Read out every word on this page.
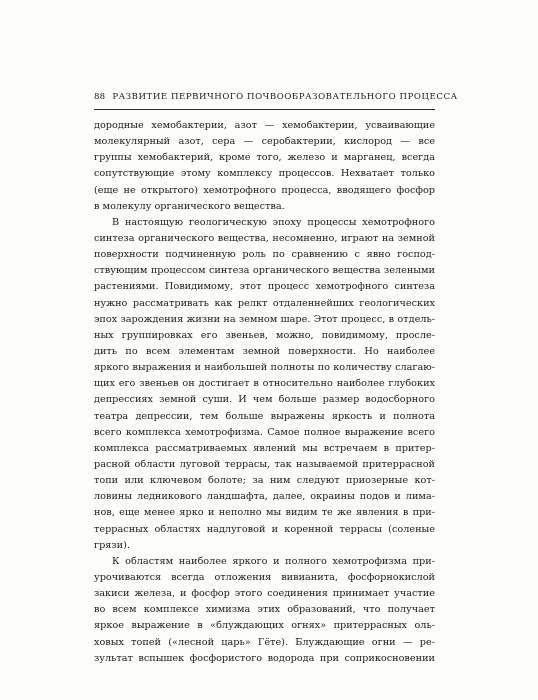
88 РАЗВИТИЕ ПЕРВИЧНОГО ПОЧВООБРАЗОВАТЕЛЬНОГО ПРОЦЕССА
дородные хемобактерии, азот — хемобактерии, усваивающие
молекулярный азот, сера — серобактерии, кислород — все
группы хемобактерий, кроме того, железо и марганец, всегда
сопутствующие этому комплексу процессов. Нехватает только
(еще не открытого) хемотрофного процесса, вводящего фосфор
в молекулу органического вещества.
В настоящую геологическую эпоху процессы хемотрофного
синтеза органического вещества, несомненно, играют на земной
поверхности подчиненную роль по сравнению с явно господ-
ствующим процессом синтеза органического вещества зелеными
растениями. Повидимому, этот процесс хемотрофного синтеза
нужно рассматривать как релкт отдаленнейших геологических
эпох зарождения жизни на земном шаре. Этот процесс, в отдель-
ных группировках его звеньев, можно, повидимому, просле-
дить по всем элементам земной поверхности. Но наиболее
яркого выражения и наибольшей полноты по количеству слагаю-
щих его звеньев он достигает в относительно наиболее глубоких
депрессиях земной суши. И чем больше размер водосборного
театра депрессии, тем больше выражены яркость и полнота
всего комплекса хемотрофизма. Самое полное выражение всего
комплекса рассматриваемых явлений мы встречаем в притер-
расной области луговой террасы, так называемой притеррасной
топи или ключевом болоте; за ним следуют приозерные кот-
ловины ледникового ландшафта, далее, окраины подов и лима-
нов, еще менее ярко и неполно мы видим те же явления в при-
террасных областях надлуговой и коренной террасы (соленые
грязи).
К областям наиболее яркого и полного хемотрофизма при-
урочиваются всегда отложения вивианита, фосфорнокислой
закиси железа, и фосфор этого соединения принимает участие
во всем комплексе химизма этих образований, что получает
яркое выражение в «блуждающих огнях» притеррасных оль-
ховых топей («лесной царь» Гёте). Блуждающие огни — ре-
зультат вспышек фосфористого водорода при соприкосновении
